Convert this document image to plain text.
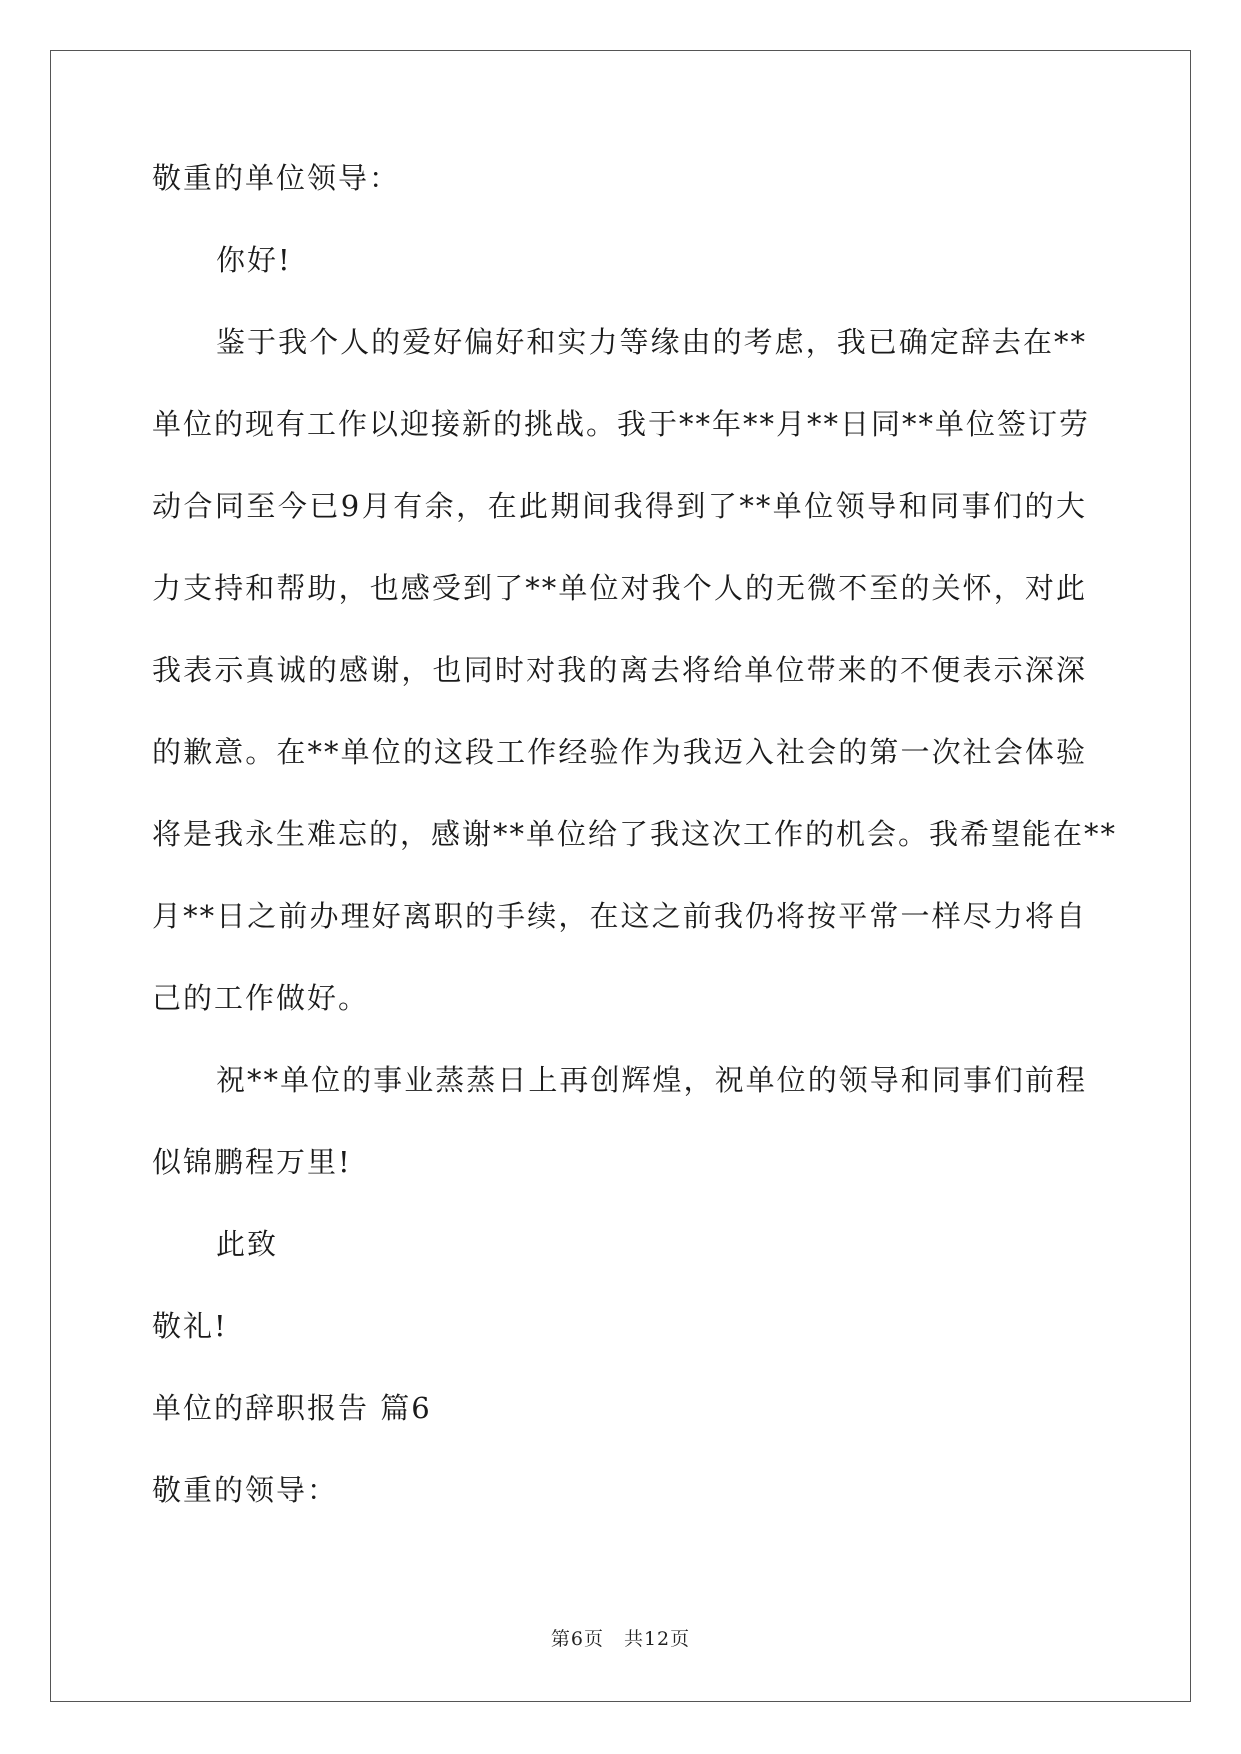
敬重的单位领导：
你好!
鉴于我个人的爱好偏好和实力等缘由的考虑，我已确定辞去在**
单位的现有工作以迎接新的挑战。我于**年**月**日同**单位签订劳
动合同至今已9月有余，在此期间我得到了**单位领导和同事们的大
力支持和帮助，也感受到了**单位对我个人的无微不至的关怀，对此
我表示真诚的感谢，也同时对我的离去将给单位带来的不便表示深深
的歉意。在**单位的这段工作经验作为我迈入社会的第一次社会体验
将是我永生难忘的，感谢**单位给了我这次工作的机会。我希望能在**
月**日之前办理好离职的手续，在这之前我仍将按平常一样尽力将自
己的工作做好。
祝**单位的事业蒸蒸日上再创辉煌，祝单位的领导和同事们前程
似锦鹏程万里!
此致
敬礼!
单位的辞职报告 篇6
敬重的领导：
第6页　共12页
